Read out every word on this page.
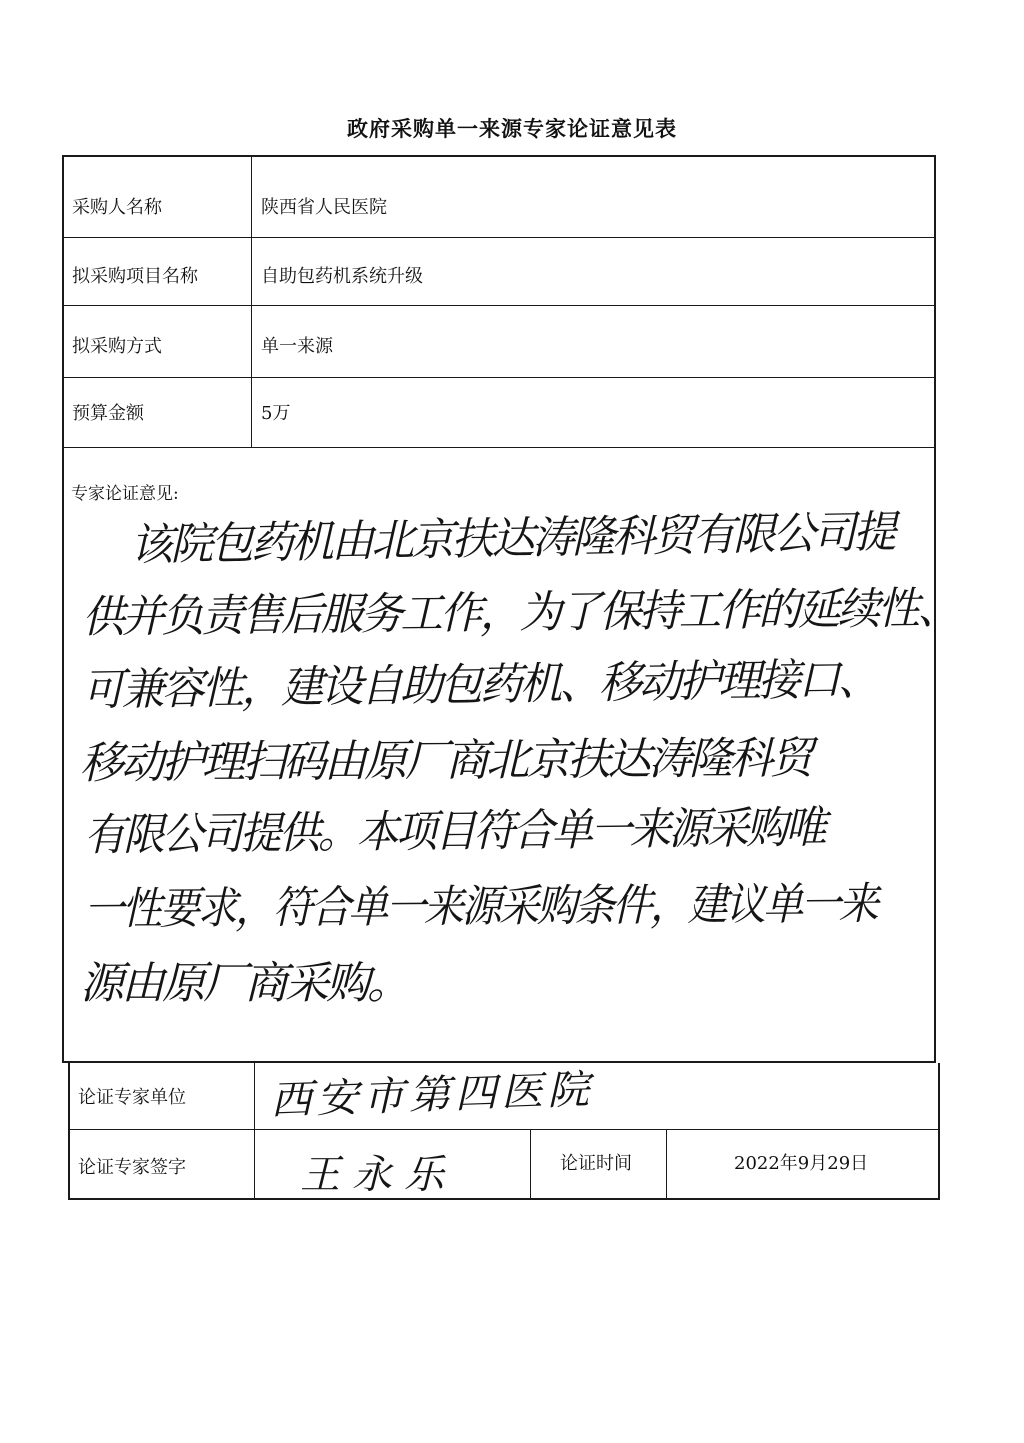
政府采购单一来源专家论证意见表
采购人名称	陕西省人民医院
拟采购项目名称	自助包药机系统升级
拟采购方式	单一来源
预算金额	5万
专家论证意见:
该院包药机由北京扶达涛隆科贸有限公司提
供并负责售后服务工作，为了保持工作的延续性、
可兼容性，建设自助包药机、移动护理接口、
移动护理扫码由原厂商北京扶达涛隆科贸
有限公司提供。本项目符合单一来源采购唯
一性要求，符合单一来源采购条件，建议单一来
源由原厂商采购。
论证专家单位 西安市第四医院
论证专家签字	王永乐	论证时间	2022年9月29日
